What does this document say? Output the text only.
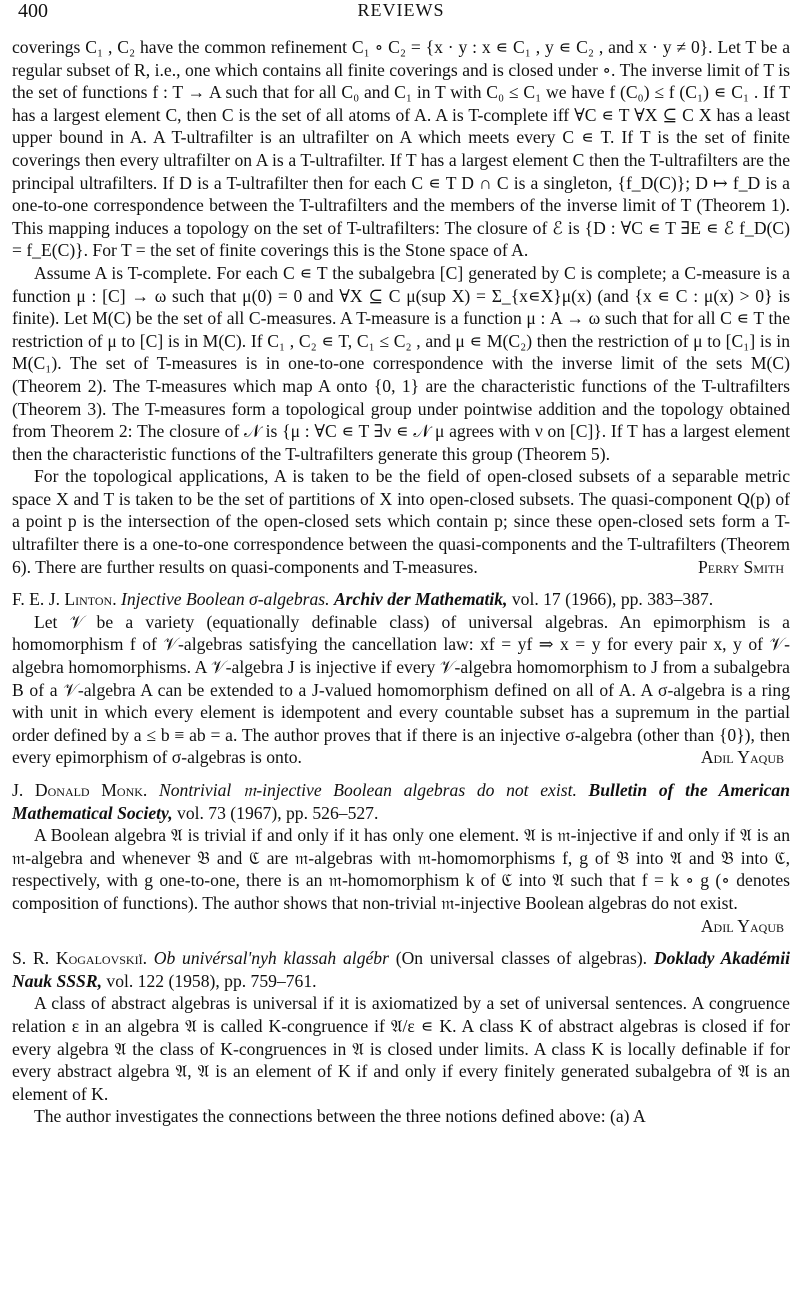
400	REVIEWS

coverings C₁ , C₂ have the common refinement C₁ ∘ C₂ = {x · y : x ∊ C₁ , y ∊ C₂ , and x · y ≠ 0}. Let T be a regular subset of R, i.e., one which contains all finite coverings and is closed under ∘. The inverse limit of T is the set of functions f : T → A such that for all C₀ and C₁ in T with C₀ ≤ C₁ we have f (C₀) ≤ f (C₁) ∊ C₁ . If T has a largest element C, then C is the set of all atoms of A. A is T-complete iff ∀C ∊ T ∀X ⊆ C X has a least upper bound in A. A T-ultrafilter is an ultrafilter on A which meets every C ∊ T. If T is the set of finite coverings then every ultrafilter on A is a T-ultrafilter. If T has a largest element C then the T-ultrafilters are the principal ultrafilters. If D is a T-ultrafilter then for each C ∊ T D ∩ C is a singleton, {f_D(C)}; D ↦ f_D is a one-to-one correspondence between the T-ultrafilters and the members of the inverse limit of T (Theorem 1). This mapping induces a topology on the set of T-ultrafilters: The closure of ℰ is {D : ∀C ∊ T ∃E ∊ ℰ f_D(C) = f_E(C)}. For T = the set of finite coverings this is the Stone space of A.

Assume A is T-complete. For each C ∊ T the subalgebra [C] generated by C is complete; a C-measure is a function μ : [C] → ω such that μ(0) = 0 and ∀X ⊆ C μ(sup X) = Σ_{x∊X}μ(x) (and {x ∊ C : μ(x) > 0} is finite). Let M(C) be the set of all C-measures. A T-measure is a function μ : A → ω such that for all C ∊ T the restriction of μ to [C] is in M(C). If C₁ , C₂ ∊ T, C₁ ≤ C₂ , and μ ∊ M(C₂) then the restriction of μ to [C₁] is in M(C₁). The set of T-measures is in one-to-one correspondence with the inverse limit of the sets M(C) (Theorem 2). The T-measures which map A onto {0, 1} are the characteristic functions of the T-ultrafilters (Theorem 3). The T-measures form a topological group under pointwise addition and the topology obtained from Theorem 2: The closure of 𝒩 is {μ : ∀C ∊ T ∃ν ∊ 𝒩 μ agrees with ν on [C]}. If T has a largest element then the characteristic functions of the T-ultrafilters generate this group (Theorem 5).

For the topological applications, A is taken to be the field of open-closed subsets of a separable metric space X and T is taken to be the set of partitions of X into open-closed subsets. The quasi-component Q(p) of a point p is the intersection of the open-closed sets which contain p; since these open-closed sets form a T-ultrafilter there is a one-to-one correspondence between the quasi-components and the T-ultrafilters (Theorem 6). There are further results on quasi-components and T-measures.	Perry Smith

F. E. J. Linton. Injective Boolean σ-algebras. Archiv der Mathematik, vol. 17 (1966), pp. 383–387.

Let 𝒱 be a variety (equationally definable class) of universal algebras. An epimorphism is a homomorphism f of 𝒱-algebras satisfying the cancellation law: xf = yf ⇒ x = y for every pair x, y of 𝒱-algebra homomorphisms. A 𝒱-algebra J is injective if every 𝒱-algebra homomorphism to J from a subalgebra B of a 𝒱-algebra A can be extended to a J-valued homomorphism defined on all of A. A σ-algebra is a ring with unit in which every element is idempotent and every countable subset has a supremum in the partial order defined by a ≤ b ≡ ab = a. The author proves that if there is an injective σ-algebra (other than {0}), then every epimorphism of σ-algebras is onto.	Adil Yaqub

J. Donald Monk. Nontrivial 𝔪-injective Boolean algebras do not exist. Bulletin of the American Mathematical Society, vol. 73 (1967), pp. 526–527.

A Boolean algebra 𝔄 is trivial if and only if it has only one element. 𝔄 is 𝔪-injective if and only if 𝔄 is an 𝔪-algebra and whenever 𝔅 and ℭ are 𝔪-algebras with 𝔪-homomorphisms f, g of 𝔅 into 𝔄 and 𝔅 into ℭ, respectively, with g one-to-one, there is an 𝔪-homomorphism k of ℭ into 𝔄 such that f = k ∘ g (∘ denotes composition of functions). The author shows that non-trivial 𝔪-injective Boolean algebras do not exist.
Adil Yaqub

S. R. Kogalovskiĭ. Ob univérsal'nyh klassah algébr (On universal classes of algebras). Doklady Akadémii Nauk SSSR, vol. 122 (1958), pp. 759–761.

A class of abstract algebras is universal if it is axiomatized by a set of universal sentences. A congruence relation ε in an algebra 𝔄 is called K-congruence if 𝔄/ε ∊ K. A class K of abstract algebras is closed if for every algebra 𝔄 the class of K-congruences in 𝔄 is closed under limits. A class K is locally definable if for every abstract algebra 𝔄, 𝔄 is an element of K if and only if every finitely generated subalgebra of 𝔄 is an element of K.

The author investigates the connections between the three notions defined above: (a) A
